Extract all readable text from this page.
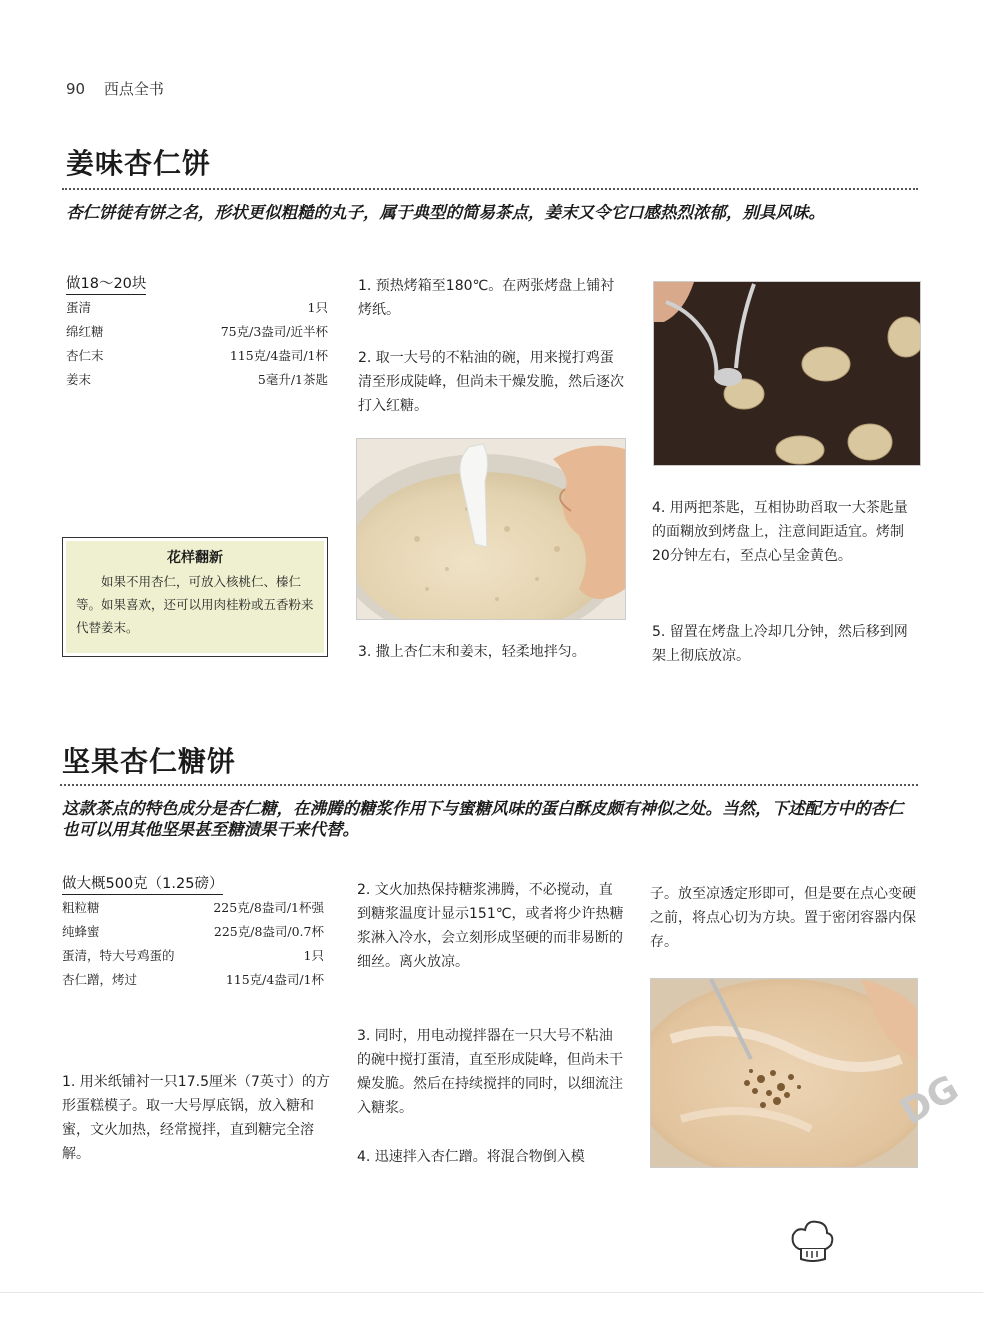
90 西点全书
姜味杏仁饼
杏仁饼徒有饼之名，形状更似粗糙的丸子，属于典型的简易茶点，姜末又令它口感热烈浓郁，别具风味。
做18～20块
蛋清	1只
绵红糖	75克/3盎司/近半杯
杏仁末	115克/4盎司/1杯
姜末	5毫升/1茶匙
花样翻新
如果不用杏仁，可放入核桃仁、榛仁等。如果喜欢，还可以用肉桂粉或五香粉来代替姜末。
1. 预热烤箱至180℃。在两张烤盘上铺衬烤纸。
2. 取一大号的不粘油的碗，用来搅打鸡蛋清至形成陡峰，但尚未干燥发脆，然后逐次打入红糖。
3. 撒上杏仁末和姜末，轻柔地拌匀。
4. 用两把茶匙，互相协助舀取一大茶匙量的面糊放到烤盘上，注意间距适宜。烤制20分钟左右，至点心呈金黄色。
5. 留置在烤盘上冷却几分钟，然后移到网架上彻底放凉。
坚果杏仁糖饼
这款茶点的特色成分是杏仁糖，在沸腾的糖浆作用下与蜜糖风味的蛋白酥皮颇有神似之处。当然，下述配方中的杏仁也可以用其他坚果甚至糖渍果干来代替。
做大概500克（1.25磅）
粗粒糖	225克/8盎司/1杯强
纯蜂蜜	225克/8盎司/0.7杯
蛋清，特大号鸡蛋的	1只
杏仁蹭，烤过	115克/4盎司/1杯
1. 用米纸铺衬一只17.5厘米（7英寸）的方形蛋糕模子。取一大号厚底锅，放入糖和蜜，文火加热，经常搅拌，直到糖完全溶解。
2. 文火加热保持糖浆沸腾，不必搅动，直到糖浆温度计显示151℃，或者将少许热糖浆淋入冷水，会立刻形成坚硬的而非易断的细丝。离火放凉。
3. 同时，用电动搅拌器在一只大号不粘油的碗中搅打蛋清，直至形成陡峰，但尚未干燥发脆。然后在持续搅拌的同时，以细流注入糖浆。
4. 迅速拌入杏仁蹭。将混合物倒入模
子。放至凉透定形即可，但是要在点心变硬之前，将点心切为方块。置于密闭容器内保存。
DG
